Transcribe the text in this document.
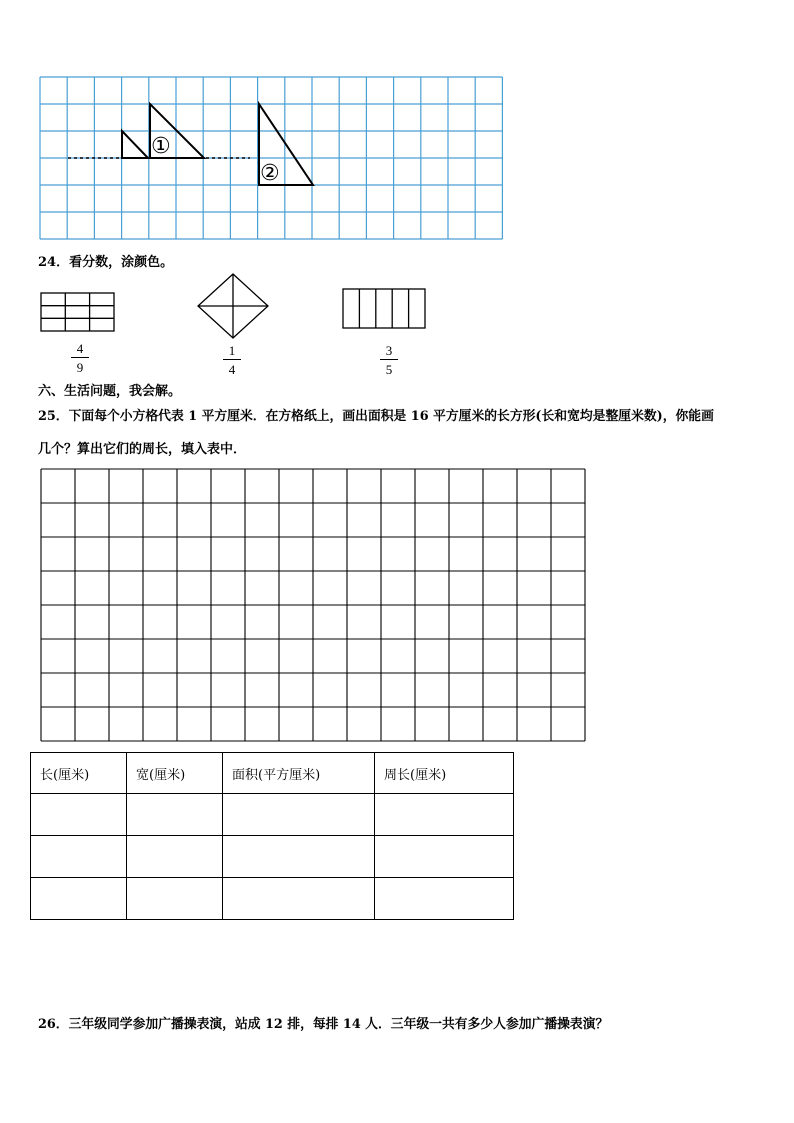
①
②
24．看分数，涂颜色。
4
9
1
4
3
5
六、生活问题，我会解。
25．下面每个小方格代表 1 平方厘米．在方格纸上，画出面积是 16 平方厘米的长方形(长和宽均是整厘米数)，你能画
几个？算出它们的周长，填入表中．
长(厘米)	宽(厘米)	面积(平方厘米)	周长(厘米)

26．三年级同学参加广播操表演，站成 12 排，每排 14 人．三年级一共有多少人参加广播操表演？
